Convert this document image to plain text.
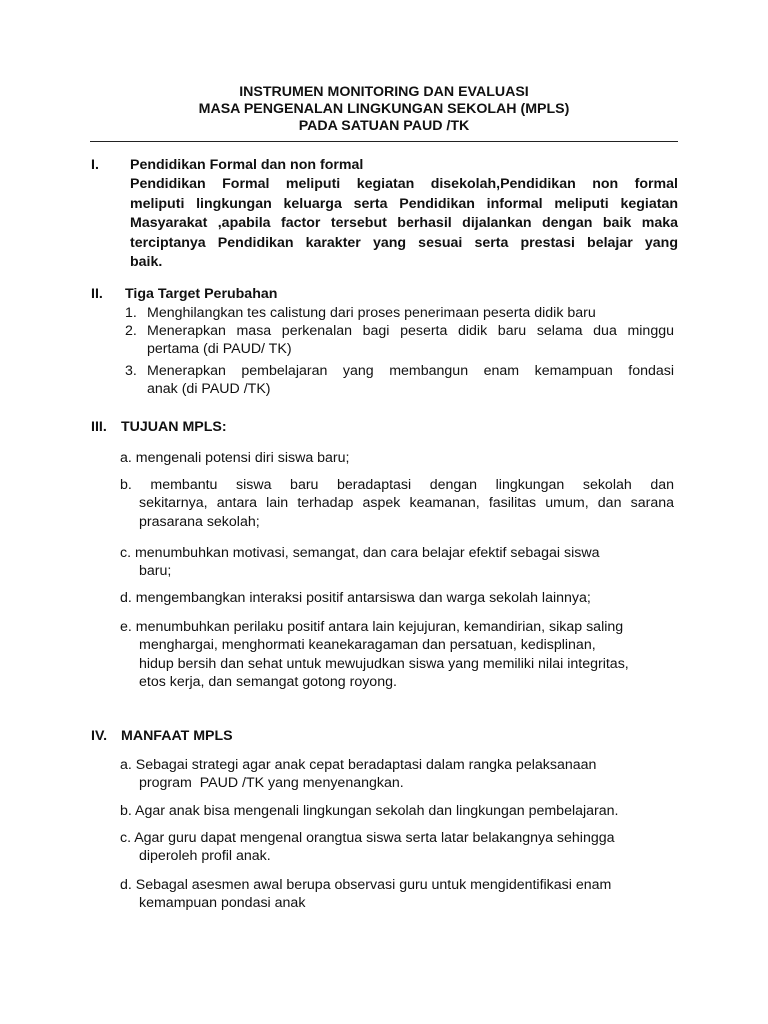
INSTRUMEN MONITORING DAN EVALUASI
MASA PENGENALAN LINGKUNGAN SEKOLAH (MPLS)
PADA SATUAN PAUD /TK
I. Pendidikan Formal dan non formal
Pendidikan Formal meliputi kegiatan disekolah,Pendidikan non formal
meliputi lingkungan keluarga serta Pendidikan informal meliputi kegiatan
Masyarakat ,apabila factor tersebut berhasil dijalankan dengan baik maka
terciptanya Pendidikan karakter yang sesuai serta prestasi belajar yang
baik.
II. Tiga Target Perubahan
1. Menghilangkan tes calistung dari proses penerimaan peserta didik baru
2. Menerapkan masa perkenalan bagi peserta didik baru selama dua minggu
pertama (di PAUD/ TK)
3. Menerapkan pembelajaran yang membangun enam kemampuan fondasi
anak (di PAUD /TK)
III. TUJUAN MPLS:
a. mengenali potensi diri siswa baru;
b. membantu siswa baru beradaptasi dengan lingkungan sekolah dan
sekitarnya, antara lain terhadap aspek keamanan, fasilitas umum, dan sarana
prasarana sekolah;
c. menumbuhkan motivasi, semangat, dan cara belajar efektif sebagai siswa
baru;
d. mengembangkan interaksi positif antarsiswa dan warga sekolah lainnya;
e. menumbuhkan perilaku positif antara lain kejujuran, kemandirian, sikap saling
menghargai, menghormati keanekaragaman dan persatuan, kedisplinan,
hidup bersih dan sehat untuk mewujudkan siswa yang memiliki nilai integritas,
etos kerja, dan semangat gotong royong.
IV. MANFAAT MPLS
a. Sebagai strategi agar anak cepat beradaptasi dalam rangka pelaksanaan
program  PAUD /TK yang menyenangkan.
b. Agar anak bisa mengenali lingkungan sekolah dan lingkungan pembelajaran.
c. Agar guru dapat mengenal orangtua siswa serta latar belakangnya sehingga
diperoleh profil anak.
d. Sebagal asesmen awal berupa observasi guru untuk mengidentifikasi enam
kemampuan pondasi anak
